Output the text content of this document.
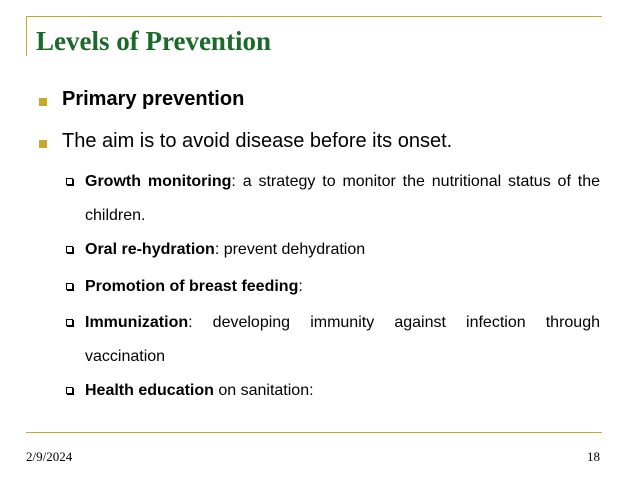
Levels of Prevention
Primary prevention
The aim is to avoid disease before its onset.
Growth monitoring: a strategy to monitor the nutritional status of the children.
Oral re-hydration: prevent dehydration
Promotion of breast feeding:
Immunization: developing immunity against infection through vaccination
Health education on sanitation:
2/9/2024	18
